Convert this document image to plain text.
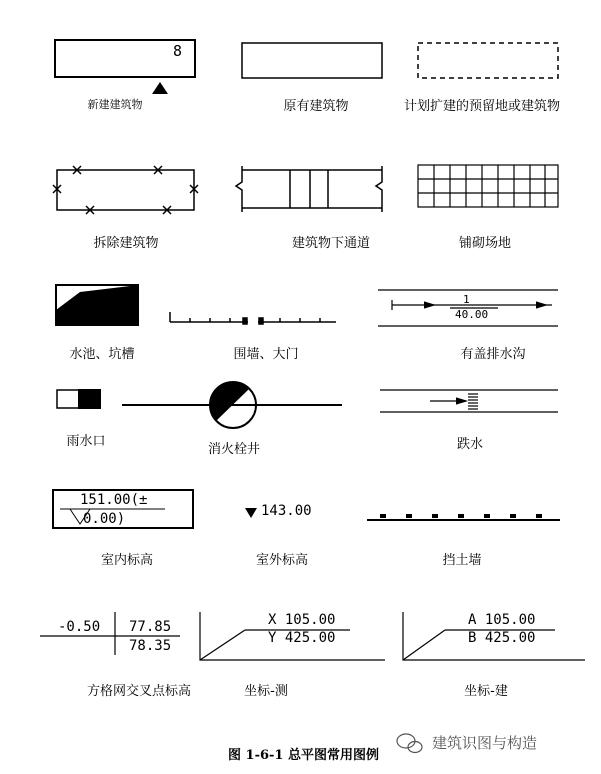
8
1
40.00
151.00(±
0.00)	143.00
-0.50 77.85
78.35
X 105.00
Y 425.00
A 105.00
B 425.00
新建建筑物	原有建筑物	计划扩建的预留地或建筑物
拆除建筑物	建筑物下通道	铺砌场地
水池、坑槽	围墙、大门	有盖排水沟
雨水口
消火栓井	跌水
室内标高	室外标高	挡土墙
方格网交叉点标高	坐标-测	坐标-建
建筑识图与构造
图 1-6-1 总平图常用图例
